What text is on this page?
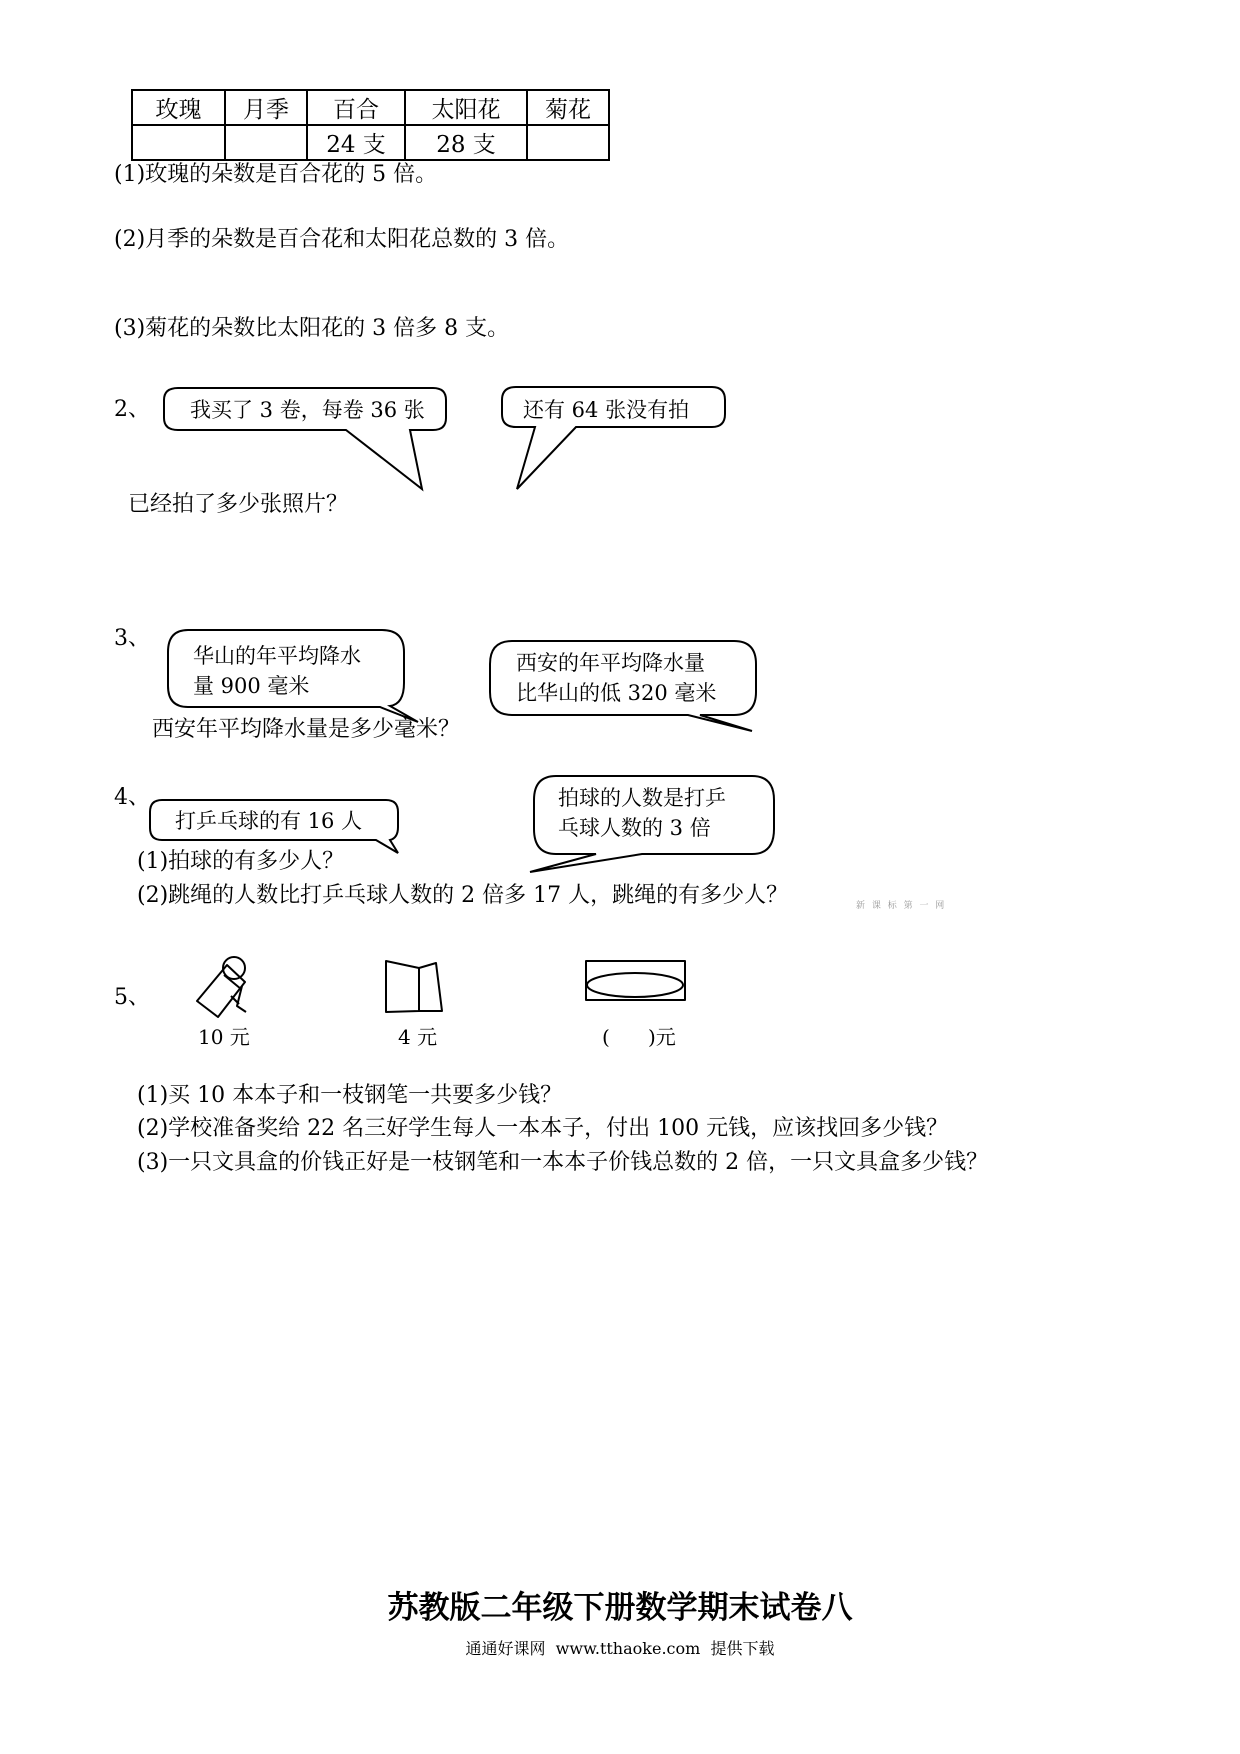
玫瑰	月季	百合	太阳花	菊花
		24 支	28 支	
(1)玫瑰的朵数是百合花的 5 倍。
(2)月季的朵数是百合花和太阳花总数的 3 倍。
(3)菊花的朵数比太阳花的 3 倍多 8 支。
2、 我买了 3 卷，每卷 36 张	还有 64 张没有拍
已经拍了多少张照片？
3、
华山的年平均降水
量 900 毫米
西安的年平均降水量
比华山的低 320 毫米
西安年平均降水量是多少毫米？
4、
打乒乓球的有 16 人
拍球的人数是打乒
乓球人数的 3 倍
(1)拍球的有多少人？
(2)跳绳的人数比打乒乓球人数的 2 倍多 17 人，跳绳的有多少人？	新 课 标 第 一 网
5、
10 元	4 元	(      )元
(1)买 10 本本子和一枝钢笔一共要多少钱？
(2)学校准备奖给 22 名三好学生每人一本本子，付出 100 元钱，应该找回多少钱？
(3)一只文具盒的价钱正好是一枝钢笔和一本本子价钱总数的 2 倍，一只文具盒多少钱？
苏教版二年级下册数学期末试卷八
通通好课网  www.tthaoke.com  提供下载
